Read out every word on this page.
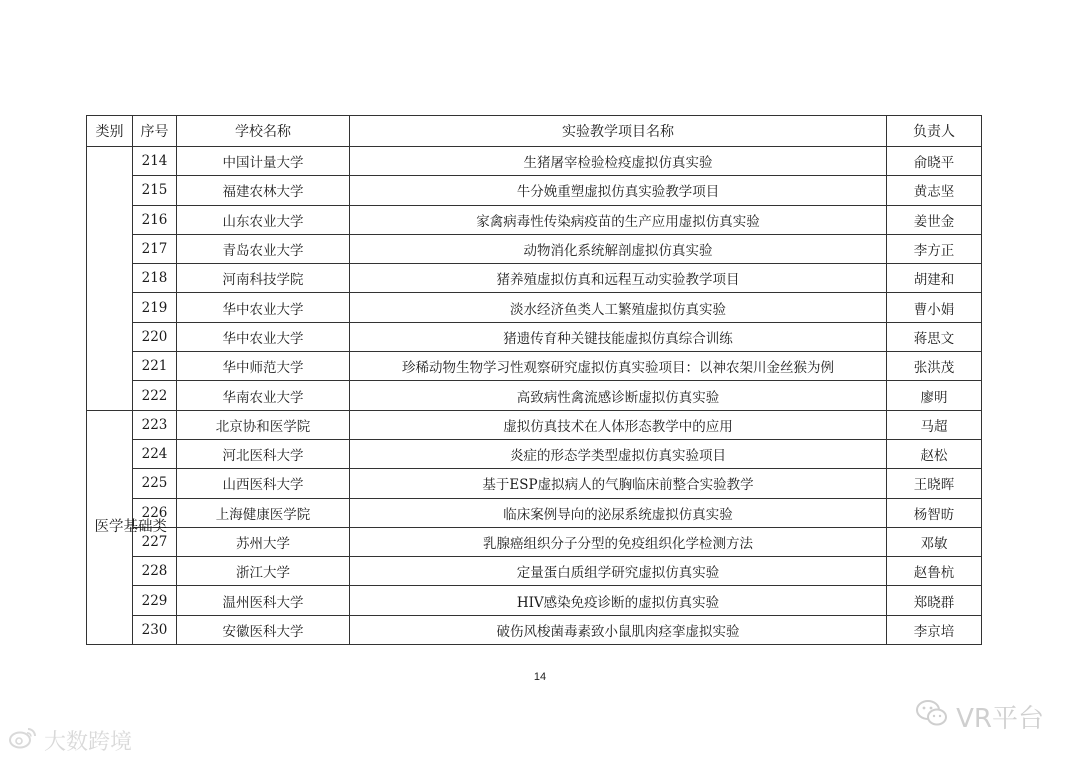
类别	序号	学校名称	实验教学项目名称	负责人
	214	中国计量大学	生猪屠宰检验检疫虚拟仿真实验	俞晓平
	215	福建农林大学	牛分娩重塑虚拟仿真实验教学项目	黄志坚
	216	山东农业大学	家禽病毒性传染病疫苗的生产应用虚拟仿真实验	姜世金
	217	青岛农业大学	动物消化系统解剖虚拟仿真实验	李方正
	218	河南科技学院	猪养殖虚拟仿真和远程互动实验教学项目	胡建和
	219	华中农业大学	淡水经济鱼类人工繁殖虚拟仿真实验	曹小娟
	220	华中农业大学	猪遗传育种关键技能虚拟仿真综合训练	蒋思文
	221	华中师范大学	珍稀动物生物学习性观察研究虚拟仿真实验项目：以神农架川金丝猴为例	张洪茂
	222	华南农业大学	高致病性禽流感诊断虚拟仿真实验	廖明
医学基础类	223	北京协和医学院	虚拟仿真技术在人体形态教学中的应用	马超
	224	河北医科大学	炎症的形态学类型虚拟仿真实验项目	赵松
	225	山西医科大学	基于ESP虚拟病人的气胸临床前整合实验教学	王晓晖
	226	上海健康医学院	临床案例导向的泌尿系统虚拟仿真实验	杨智昉
	227	苏州大学	乳腺癌组织分子分型的免疫组织化学检测方法	邓敏
	228	浙江大学	定量蛋白质组学研究虚拟仿真实验	赵鲁杭
	229	温州医科大学	HIV感染免疫诊断的虚拟仿真实验	郑晓群
	230	安徽医科大学	破伤风梭菌毒素致小鼠肌肉痉挛虚拟实验	李京培
14
大数跨境
VR平台
